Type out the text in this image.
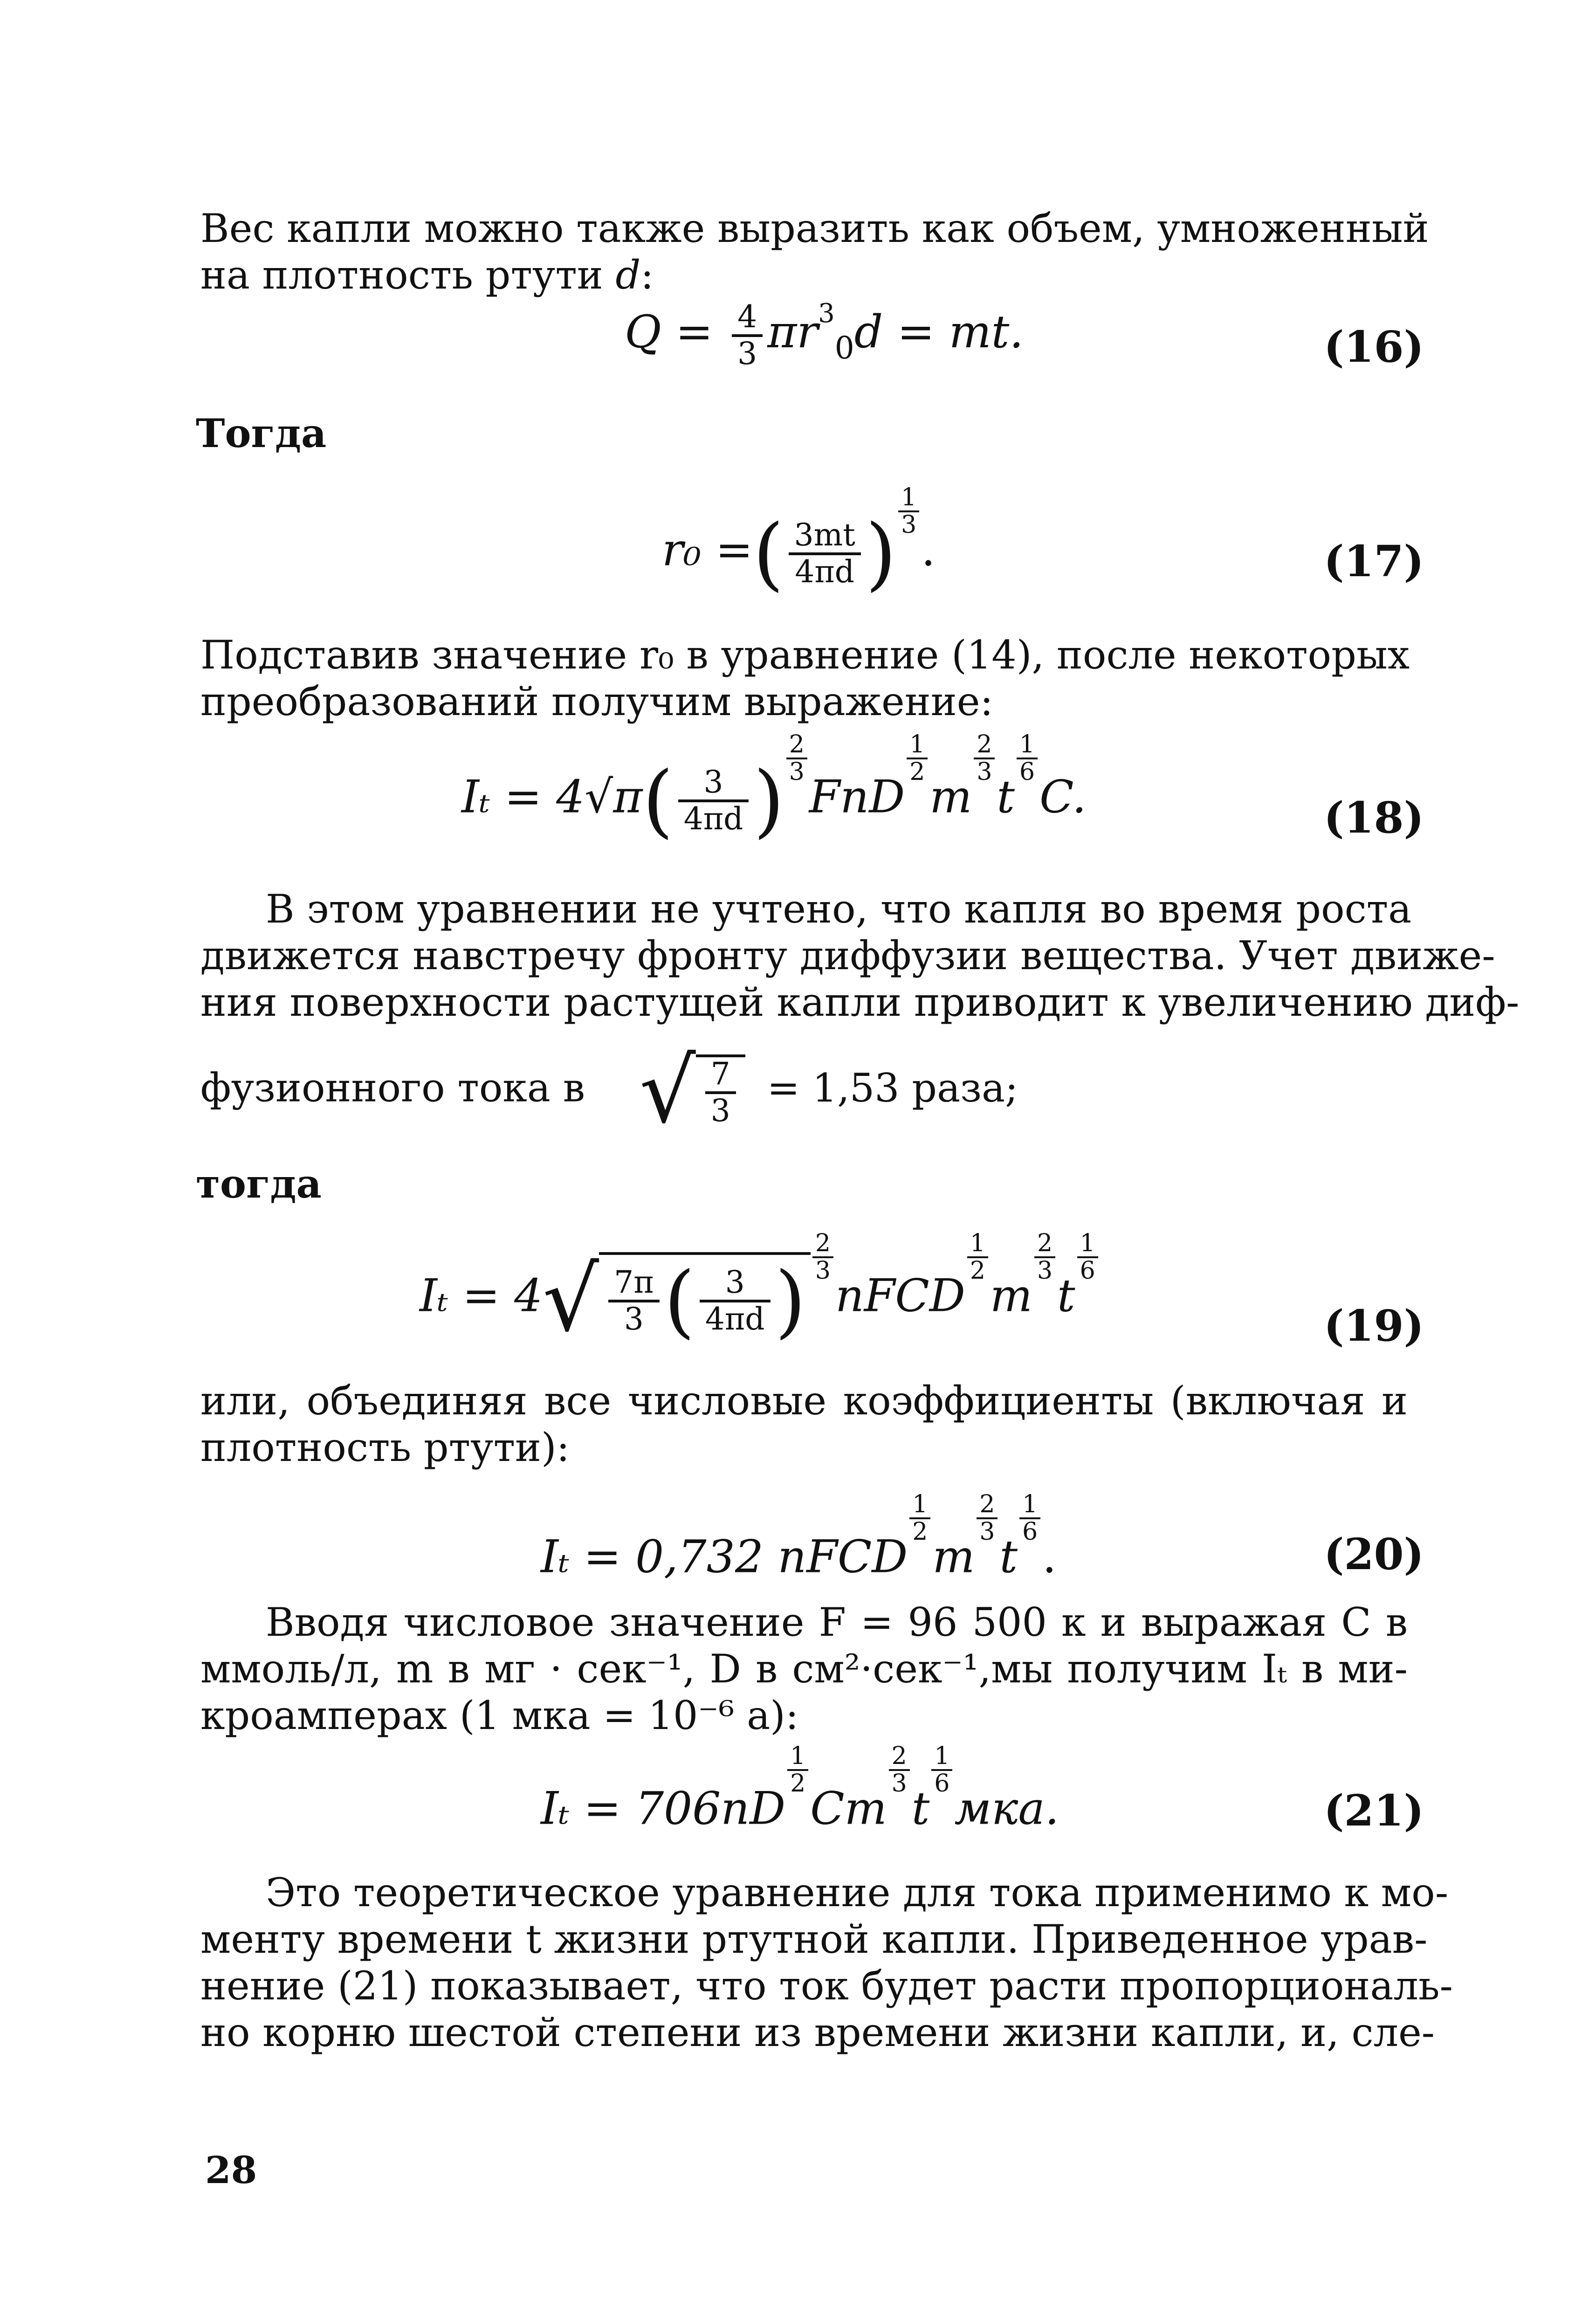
Вес капли можно также выразить как объем, умноженный
на плотность ртути d:
$Q = \frac{4}{3} \pi r^3_0d$ = mt.	(16)
Тогда
r₀ =( $\frac{3mt}{4\pi d}$ ) $\frac{1}{3}$
.	(17)
Подставив значение r₀ в уравнение (14), после некоторых
преобразований получим выражение:
$I_t = 4√\pi( \frac{3}{4\pi d}$ ) $\frac{2}{3}$
FnD
$\frac{1}{2}$
m
$\frac{2}{3}$
t
$\frac{1}{6}$
C.	(18)
В этом уравнении не учтено, что капля во время роста
движется навстречу фронту диффузии вещества. Учет движе-
ния поверхности растущей капли приводит к увеличению диф-
фузионного тока в √ $\frac{7}{3} = 1,53$ раза;
тогда
$I_t = 4√ \frac{7\pi}{3}$ ( $\frac{3}{4\pi d}$ ) $\frac{2}{3}$
nFCD
$\frac{1}{2}$
m
$\frac{2}{3}$
t
$\frac{1}{6}$
(19)
или, объединяя все числовые коэффициенты (включая и
плотность ртути):
Iₜ = 0,732 nFCD
$\frac{1}{2}$
m
$\frac{2}{3}$
t
$\frac{1}{6}$
.	(20)
Вводя числовое значение F = 96 500 к и выражая C в
ммоль/л, m в мг · сек⁻¹, D в см²·сек⁻¹,мы получим Iₜ в ми-
кроамперах (1 мка = 10⁻⁶ а):
Iₜ = 706nD
$\frac{1}{2}$
Cm
$\frac{2}{3}$
t
$\frac{1}{6}$
мка.	(21)
Это теоретическое уравнение для тока применимо к мо-
менту времени t жизни ртутной капли. Приведенное урав-
нение (21) показывает, что ток будет расти пропорциональ-
но корню шестой степени из времени жизни капли, и, сле-
28
